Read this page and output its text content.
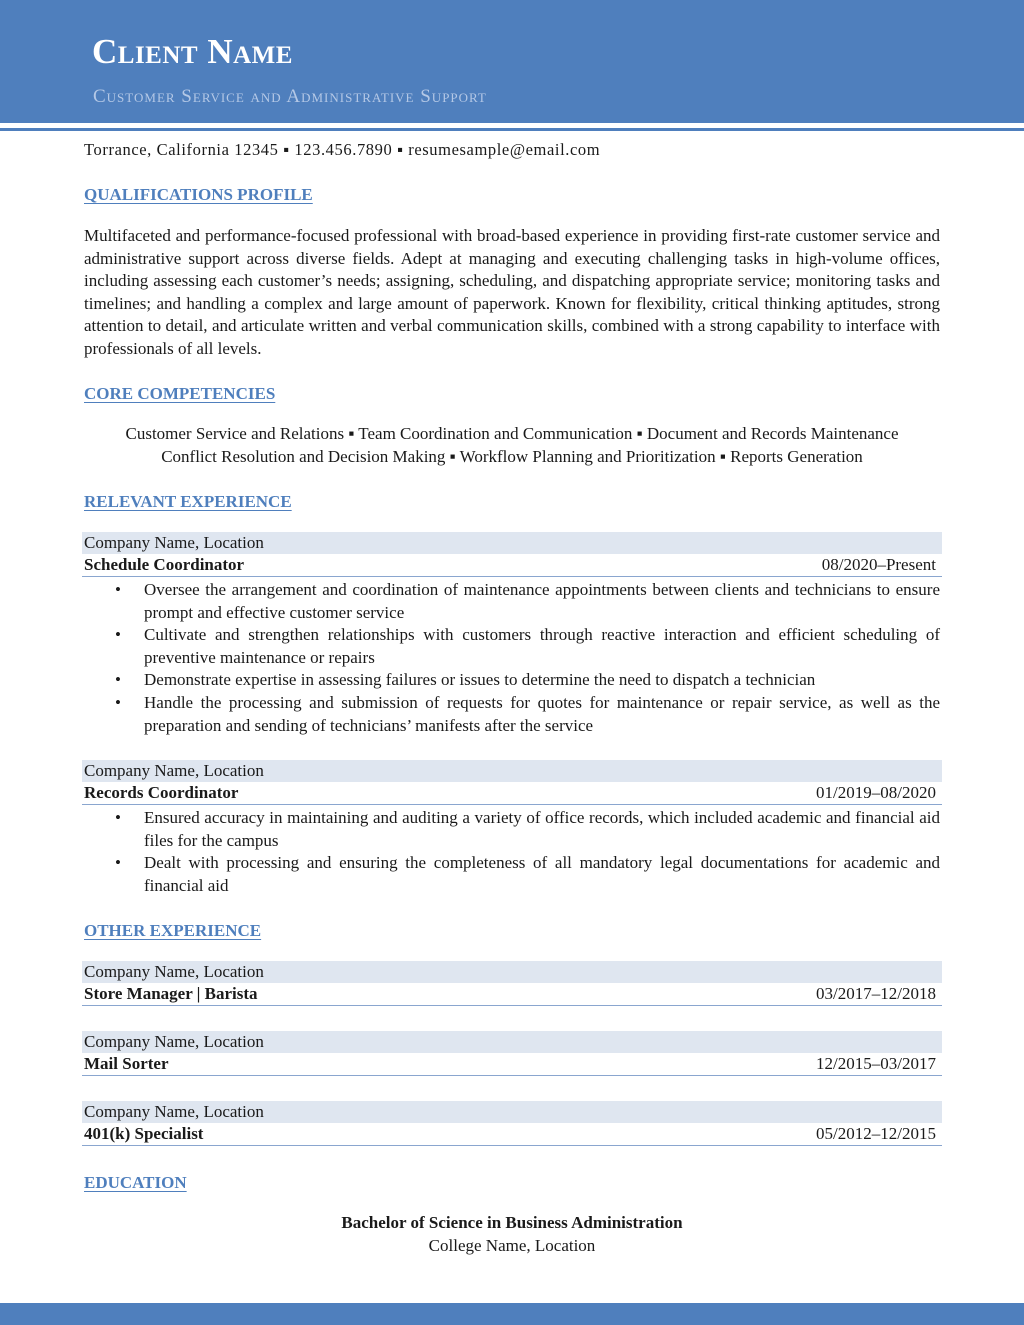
Client Name
Customer Service and Administrative Support
Torrance, California 12345 ▪ 123.456.7890 ▪ resumesample@email.com
QUALIFICATIONS PROFILE
Multifaceted and performance-focused professional with broad-based experience in providing first-rate customer service and administrative support across diverse fields. Adept at managing and executing challenging tasks in high-volume offices, including assessing each customer’s needs; assigning, scheduling, and dispatching appropriate service; monitoring tasks and timelines; and handling a complex and large amount of paperwork. Known for flexibility, critical thinking aptitudes, strong attention to detail, and articulate written and verbal communication skills, combined with a strong capability to interface with professionals of all levels.
CORE COMPETENCIES
Customer Service and Relations ▪ Team Coordination and Communication ▪ Document and Records Maintenance
Conflict Resolution and Decision Making ▪ Workflow Planning and Prioritization ▪ Reports Generation
RELEVANT EXPERIENCE
Company Name, Location
Schedule Coordinator	08/2020–Present
• Oversee the arrangement and coordination of maintenance appointments between clients and technicians to ensure prompt and effective customer service
• Cultivate and strengthen relationships with customers through reactive interaction and efficient scheduling of preventive maintenance or repairs
• Demonstrate expertise in assessing failures or issues to determine the need to dispatch a technician
• Handle the processing and submission of requests for quotes for maintenance or repair service, as well as the preparation and sending of technicians’ manifests after the service
Company Name, Location
Records Coordinator	01/2019–08/2020
• Ensured accuracy in maintaining and auditing a variety of office records, which included academic and financial aid files for the campus
• Dealt with processing and ensuring the completeness of all mandatory legal documentations for academic and financial aid
OTHER EXPERIENCE
Company Name, Location
Store Manager | Barista	03/2017–12/2018
Company Name, Location
Mail Sorter	12/2015–03/2017
Company Name, Location
401(k) Specialist	05/2012–12/2015
EDUCATION
Bachelor of Science in Business Administration
College Name, Location
